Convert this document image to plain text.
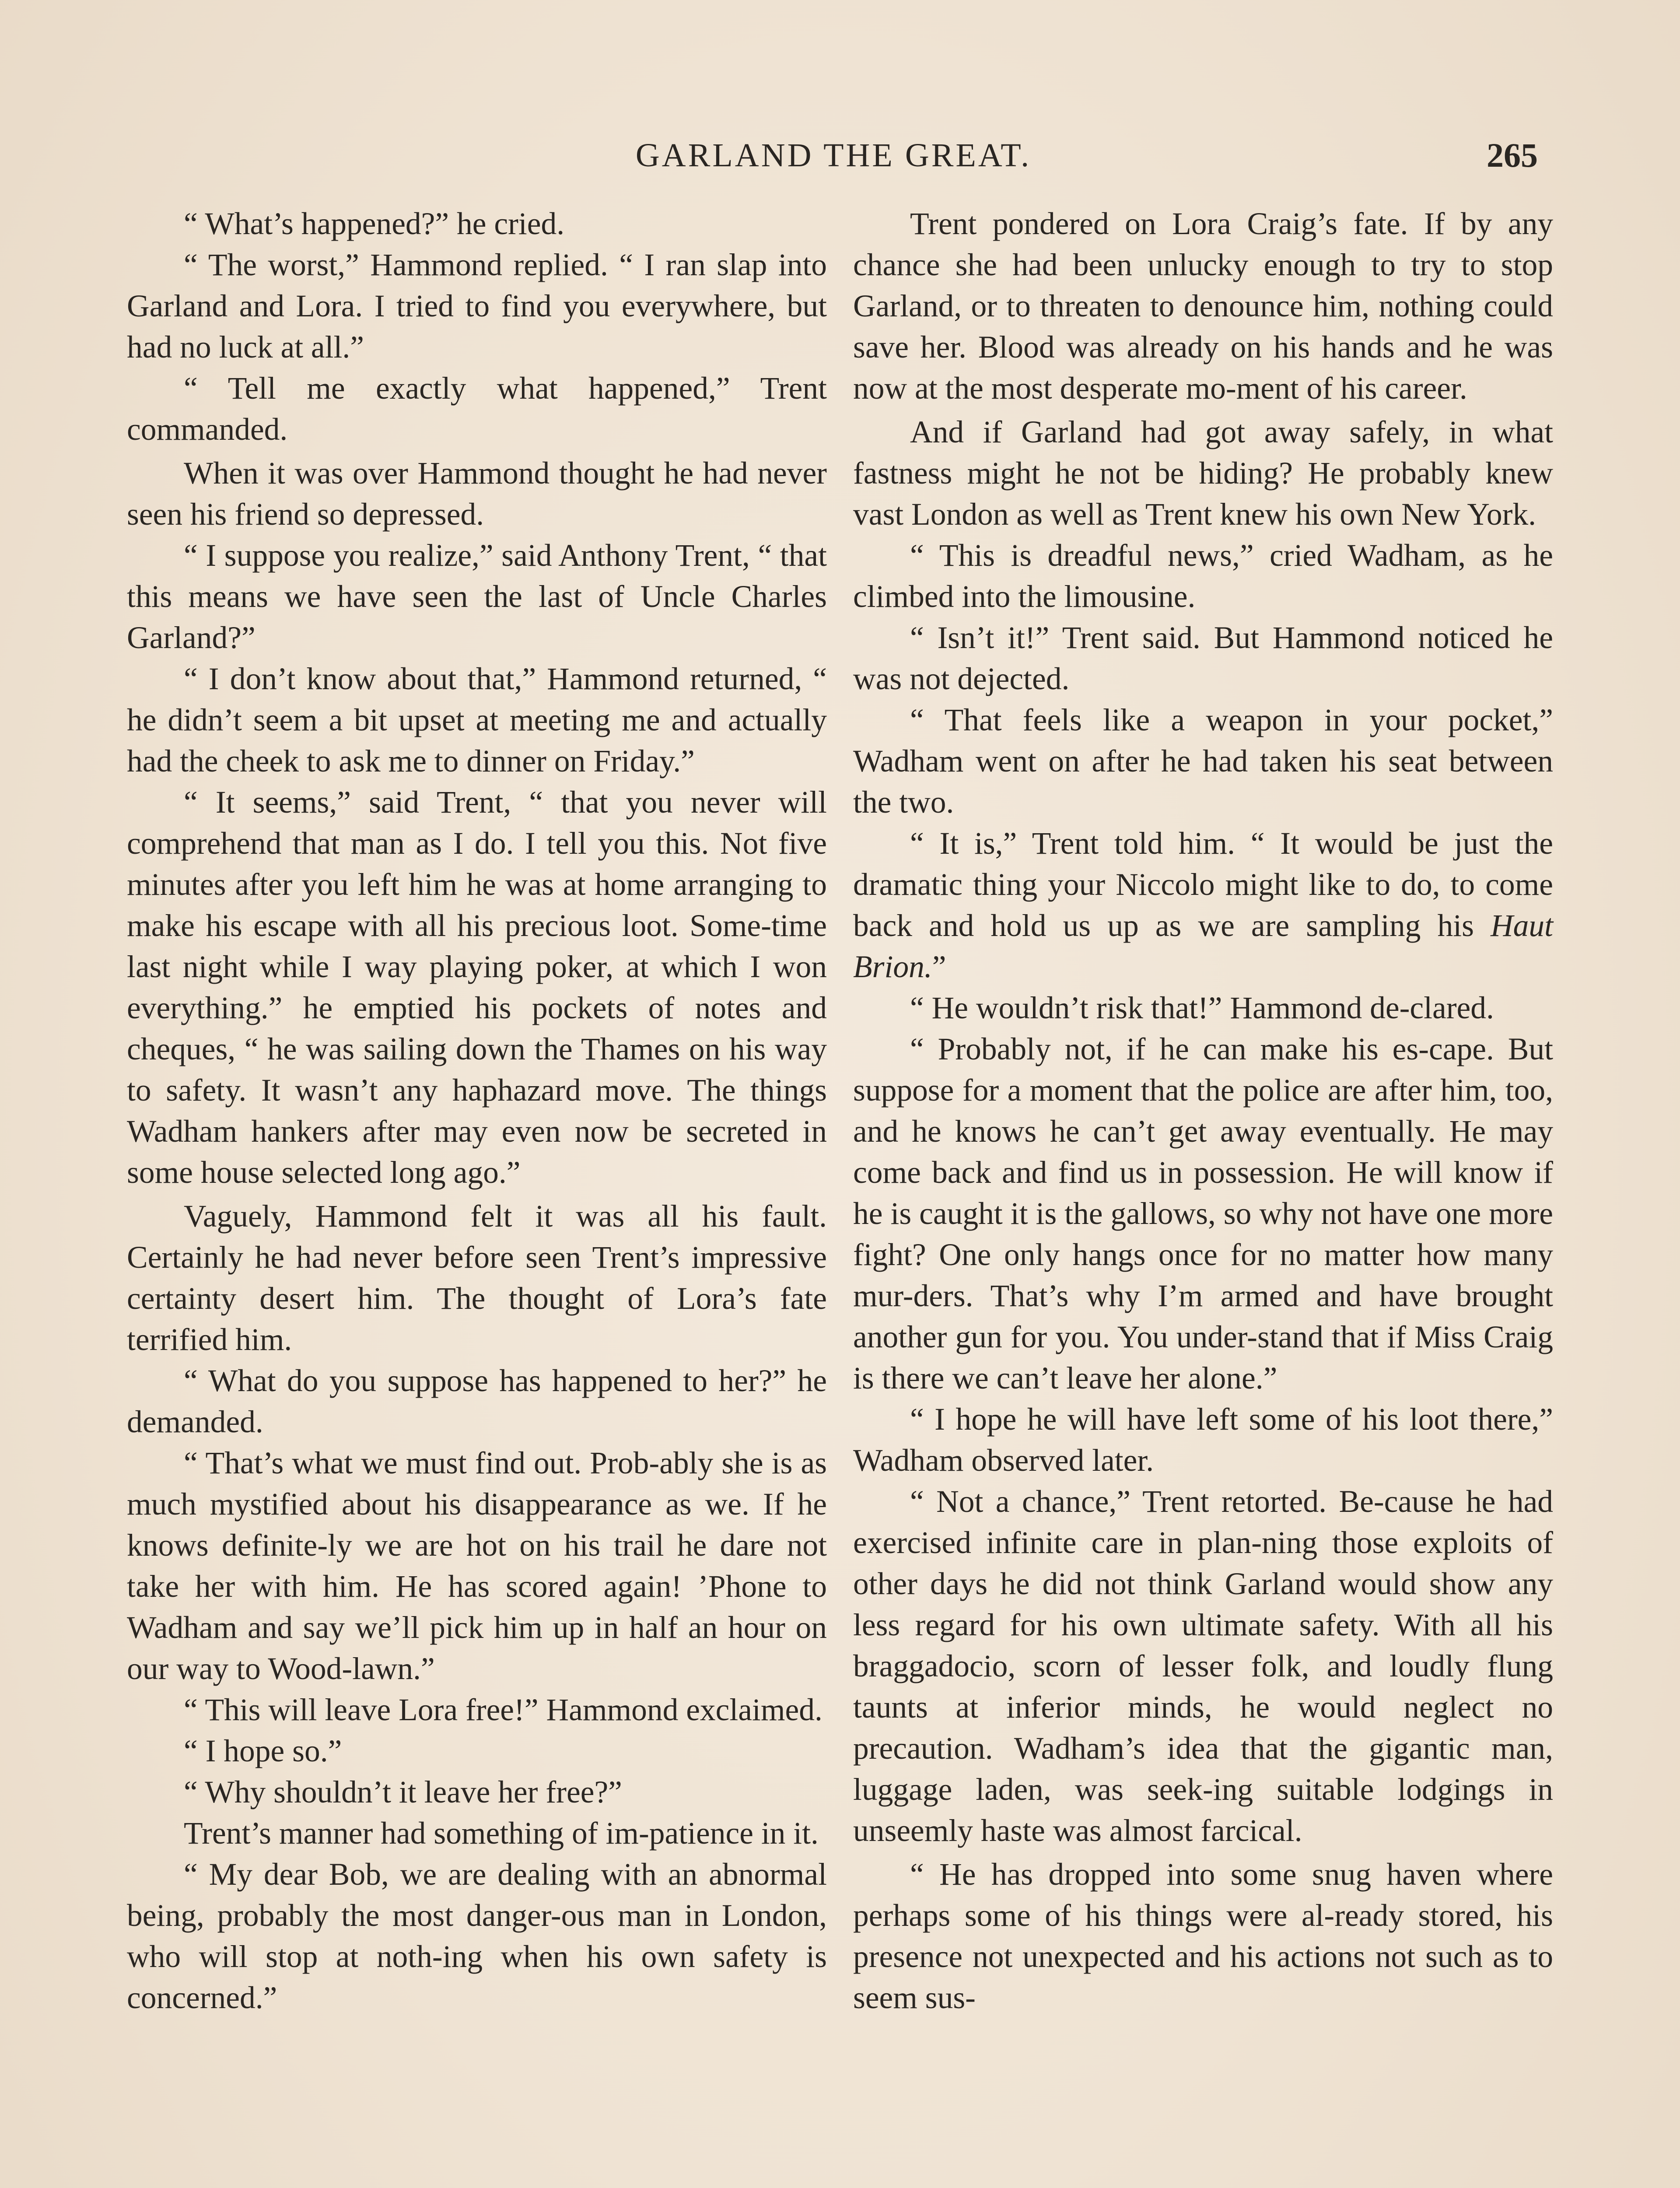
GARLAND THE GREAT.	265

“ What’s happened?” he cried.

“ The worst,” Hammond replied. “ I ran slap into Garland and Lora. I tried to find you everywhere, but had no luck at all.”

“ Tell me exactly what happened,” Trent commanded.

When it was over Hammond thought he had never seen his friend so depressed.

“ I suppose you realize,” said Anthony Trent, “ that this means we have seen the last of Uncle Charles Garland?”

“ I don’t know about that,” Hammond returned, “ he didn’t seem a bit upset at meeting me and actually had the cheek to ask me to dinner on Friday.”

“ It seems,” said Trent, “ that you never will comprehend that man as I do. I tell you this. Not five minutes after you left him he was at home arranging to make his escape with all his precious loot. Some-time last night while I way playing poker, at which I won everything.” he emptied his pockets of notes and cheques, “ he was sailing down the Thames on his way to safety. It wasn’t any haphazard move. The things Wadham hankers after may even now be secreted in some house selected long ago.”

Vaguely, Hammond felt it was all his fault. Certainly he had never before seen Trent’s impressive certainty desert him. The thought of Lora’s fate terrified him.

“ What do you suppose has happened to her?” he demanded.

“ That’s what we must find out. Prob-ably she is as much mystified about his disappearance as we. If he knows definite-ly we are hot on his trail he dare not take her with him. He has scored again! ’Phone to Wadham and say we’ll pick him up in half an hour on our way to Wood-lawn.”

“ This will leave Lora free!” Hammond exclaimed.

“ I hope so.”

“ Why shouldn’t it leave her free?”

Trent’s manner had something of im-patience in it.

“ My dear Bob, we are dealing with an abnormal being, probably the most danger-ous man in London, who will stop at noth-ing when his own safety is concerned.”

Trent pondered on Lora Craig’s fate. If by any chance she had been unlucky enough to try to stop Garland, or to threaten to denounce him, nothing could save her. Blood was already on his hands and he was now at the most desperate mo-ment of his career.

And if Garland had got away safely, in what fastness might he not be hiding? He probably knew vast London as well as Trent knew his own New York.

“ This is dreadful news,” cried Wadham, as he climbed into the limousine.

“ Isn’t it!” Trent said. But Hammond noticed he was not dejected.

“ That feels like a weapon in your pocket,” Wadham went on after he had taken his seat between the two.

“ It is,” Trent told him. “ It would be just the dramatic thing your Niccolo might like to do, to come back and hold us up as we are sampling his Haut Brion.”

“ He wouldn’t risk that!” Hammond de-clared.

“ Probably not, if he can make his es-cape. But suppose for a moment that the police are after him, too, and he knows he can’t get away eventually. He may come back and find us in possession. He will know if he is caught it is the gallows, so why not have one more fight? One only hangs once for no matter how many mur-ders. That’s why I’m armed and have brought another gun for you. You under-stand that if Miss Craig is there we can’t leave her alone.”

“ I hope he will have left some of his loot there,” Wadham observed later.

“ Not a chance,” Trent retorted. Be-cause he had exercised infinite care in plan-ning those exploits of other days he did not think Garland would show any less regard for his own ultimate safety. With all his braggadocio, scorn of lesser folk, and loudly flung taunts at inferior minds, he would neglect no precaution. Wadham’s idea that the gigantic man, luggage laden, was seek-ing suitable lodgings in unseemly haste was almost farcical.

“ He has dropped into some snug haven where perhaps some of his things were al-ready stored, his presence not unexpected and his actions not such as to seem sus-
